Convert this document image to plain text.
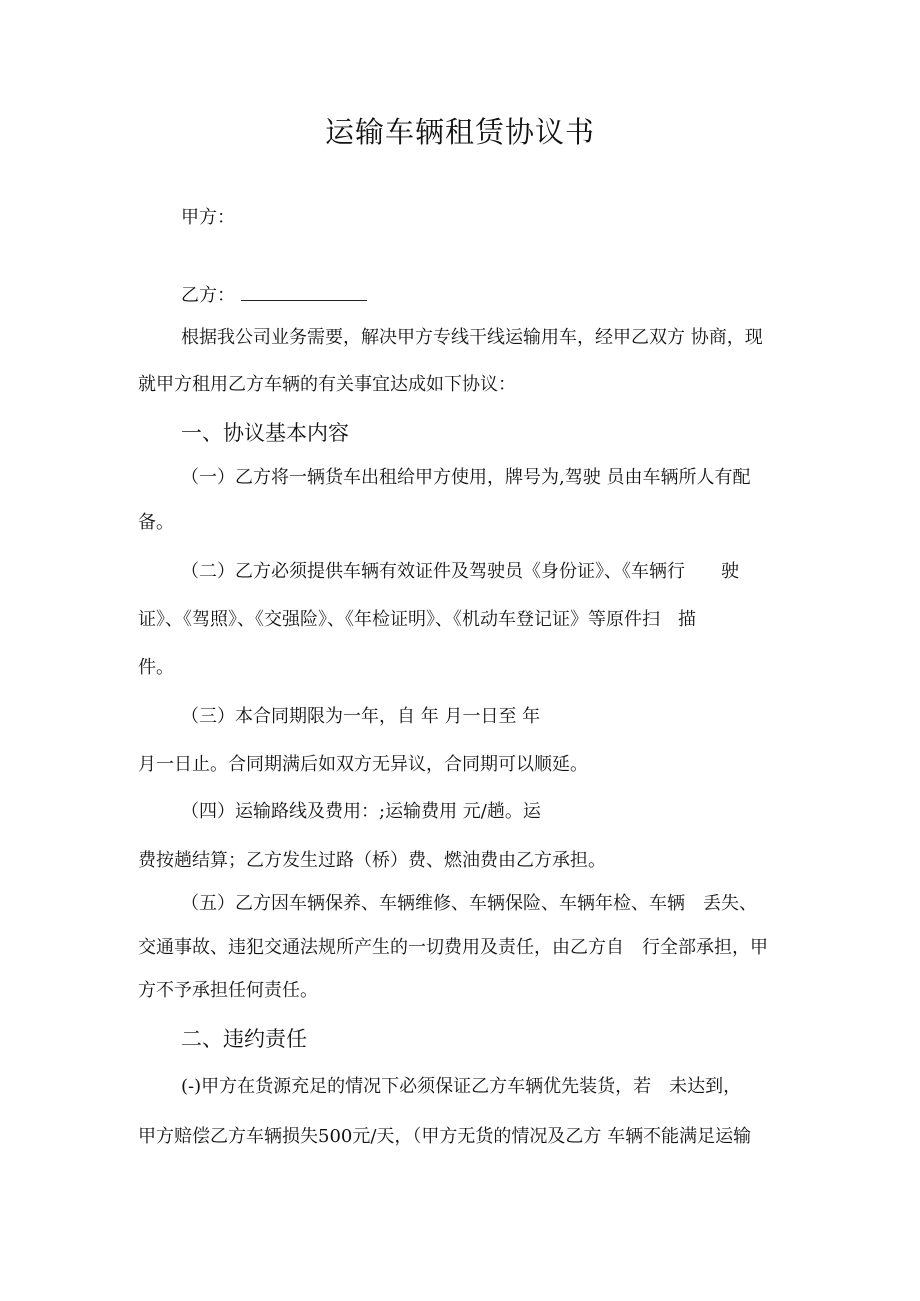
运输车辆租赁协议书
甲方：
乙方：
根据我公司业务需要，解决甲方专线干线运输用车，经甲乙双方 协商，现
就甲方租用乙方车辆的有关事宜达成如下协议：
一、协议基本内容
（一）乙方将一辆货车出租给甲方使用，牌号为,驾驶 员由车辆所人有配
备。
（二）乙方必须提供车辆有效证件及驾驶员《身份证》、《车辆行　　驶
证》、《驾照》、《交强险》、《年检证明》、《机动车登记证》等原件扫　描
件。
（三）本合同期限为一年，自 年 月一日至 年
月一日止。合同期满后如双方无异议，合同期可以顺延。
（四）运输路线及费用：;运输费用 元/趟。运
费按趟结算；乙方发生过路（桥）费、燃油费由乙方承担。
（五）乙方因车辆保养、车辆维修、车辆保险、车辆年检、车辆　丢失、
交通事故、违犯交通法规所产生的一切费用及责任，由乙方自　行全部承担，甲
方不予承担任何责任。
二、违约责任
(-)甲方在货源充足的情况下必须保证乙方车辆优先装货，若　未达到，
甲方赔偿乙方车辆损失500元/天，（甲方无货的情况及乙方 车辆不能满足运输
